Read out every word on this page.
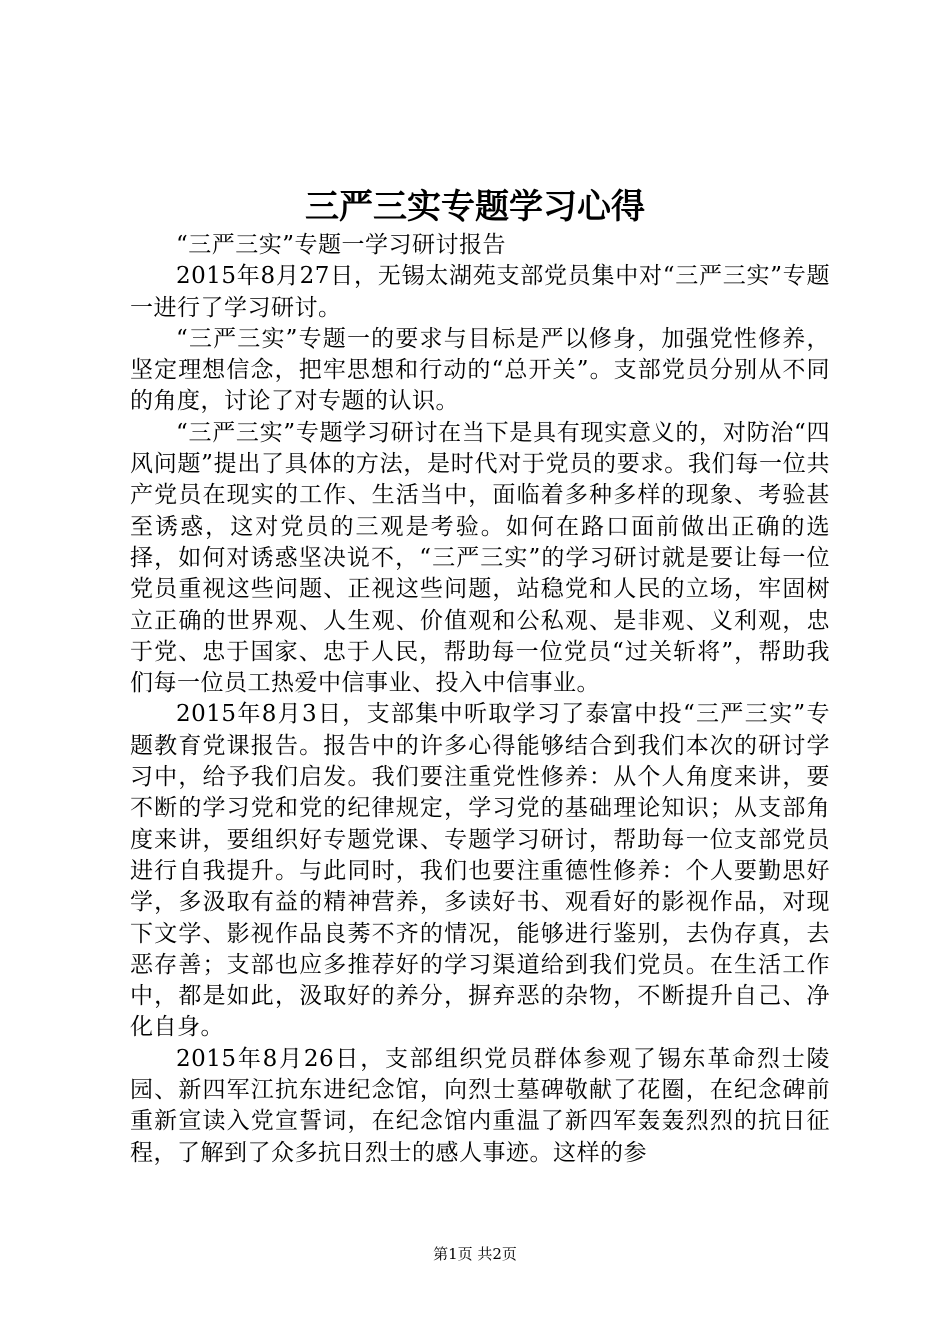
三严三实专题学习心得

“三严三实”专题一学习研讨报告

2015年8月27日，无锡太湖苑支部党员集中对“三严三实”专题一进行了学习研讨。

“三严三实”专题一的要求与目标是严以修身，加强党性修养，坚定理想信念，把牢思想和行动的“总开关”。支部党员分别从不同的角度，讨论了对专题的认识。

“三严三实”专题学习研讨在当下是具有现实意义的，对防治“四风问题”提出了具体的方法，是时代对于党员的要求。我们每一位共产党员在现实的工作、生活当中，面临着多种多样的现象、考验甚至诱惑，这对党员的三观是考验。如何在路口面前做出正确的选择，如何对诱惑坚决说不，“三严三实”的学习研讨就是要让每一位党员重视这些问题、正视这些问题，站稳党和人民的立场，牢固树立正确的世界观、人生观、价值观和公私观、是非观、义利观，忠于党、忠于国家、忠于人民，帮助每一位党员“过关斩将”，帮助我们每一位员工热爱中信事业、投入中信事业。

2015年8月3日，支部集中听取学习了泰富中投“三严三实”专题教育党课报告。报告中的许多心得能够结合到我们本次的研讨学习中，给予我们启发。我们要注重党性修养：从个人角度来讲，要不断的学习党和党的纪律规定，学习党的基础理论知识；从支部角度来讲，要组织好专题党课、专题学习研讨，帮助每一位支部党员进行自我提升。与此同时，我们也要注重德性修养：个人要勤思好学，多汲取有益的精神营养，多读好书、观看好的影视作品，对现下文学、影视作品良莠不齐的情况，能够进行鉴别，去伪存真，去恶存善；支部也应多推荐好的学习渠道给到我们党员。在生活工作中，都是如此，汲取好的养分，摒弃恶的杂物，不断提升自己、净化自身。

2015年8月26日，支部组织党员群体参观了锡东革命烈士陵园、新四军江抗东进纪念馆，向烈士墓碑敬献了花圈，在纪念碑前重新宣读入党宣誓词，在纪念馆内重温了新四军轰轰烈烈的抗日征程，了解到了众多抗日烈士的感人事迹。这样的参

第1页 共2页
